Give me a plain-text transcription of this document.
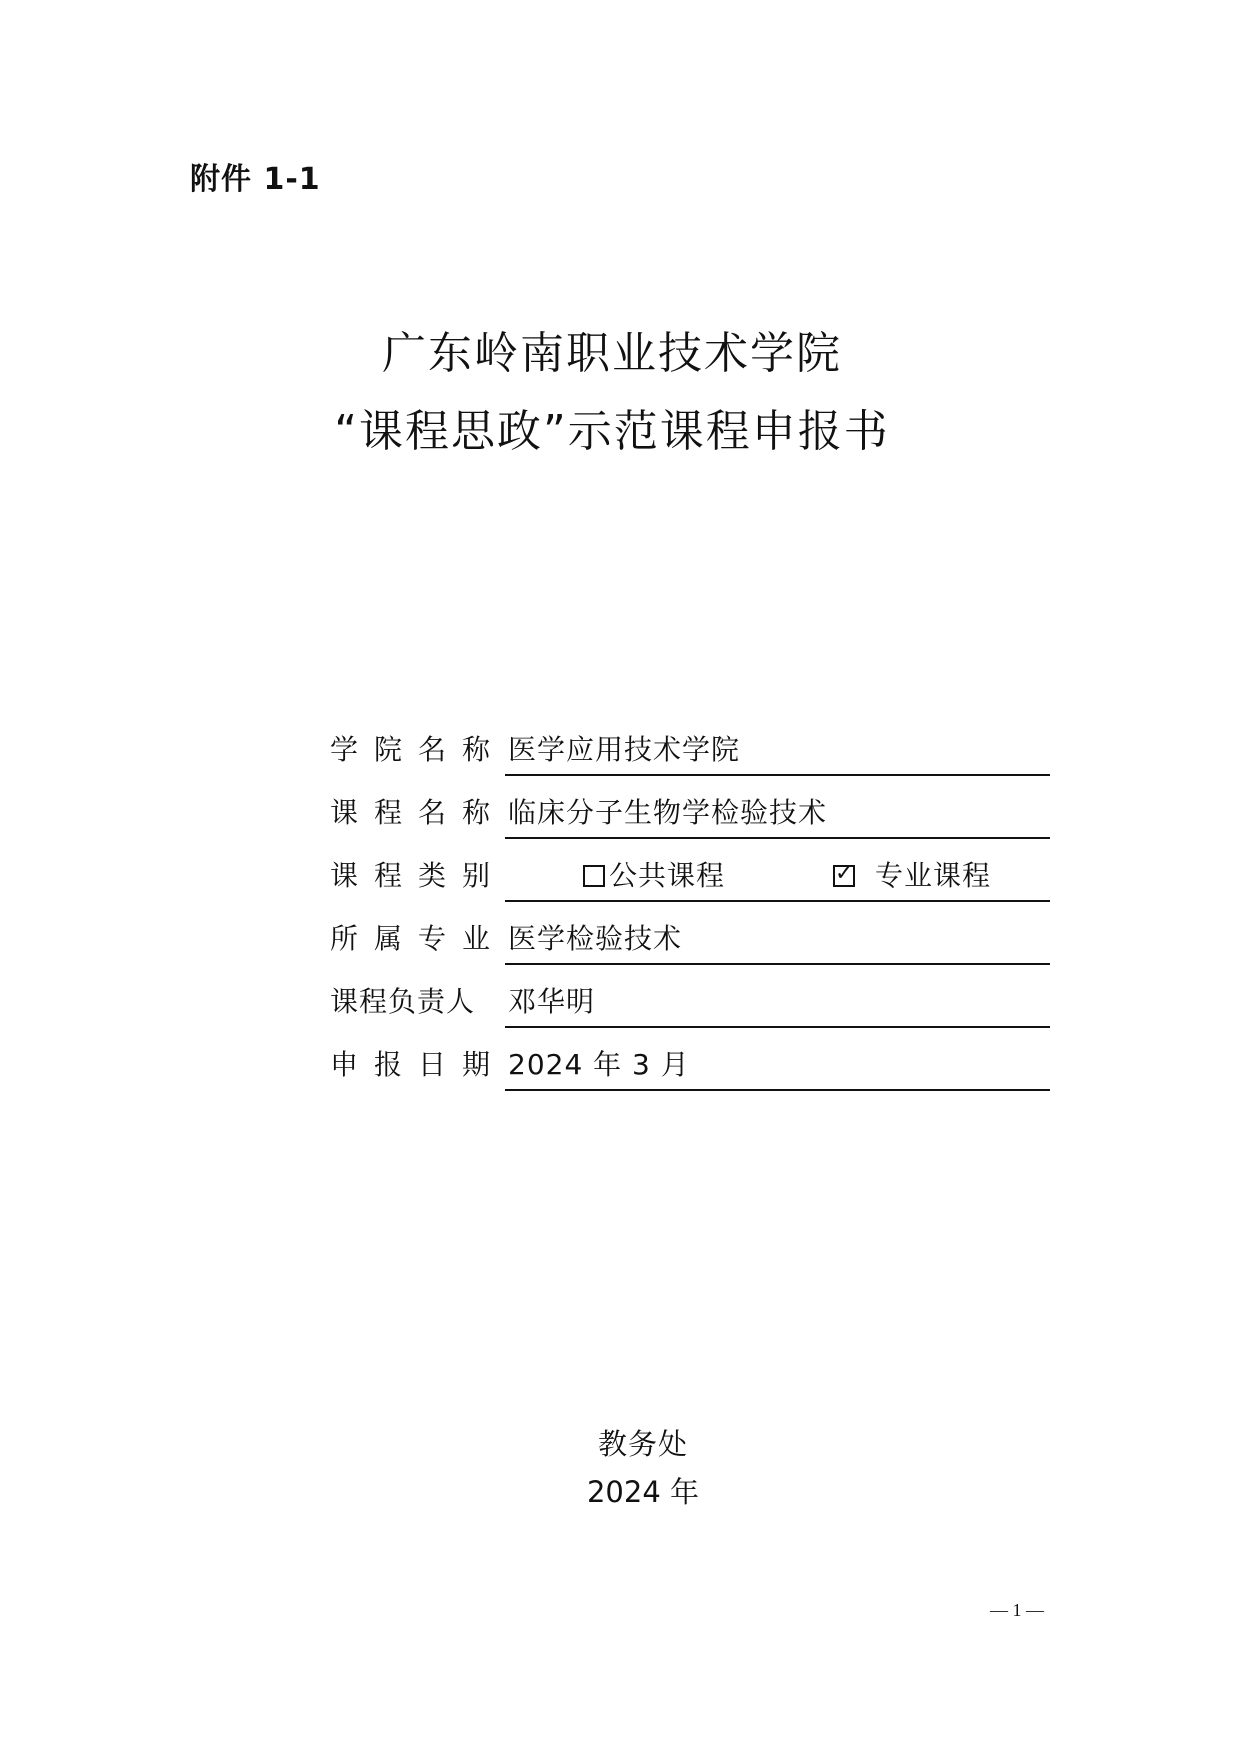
附件 1-1
广东岭南职业技术学院
“课程思政”示范课程申报书
学院名称 医学应用技术学院
课程名称 临床分子生物学检验技术
课程类别	公共课程	✓ 专业课程
所属专业 医学检验技术
课程负责人	邓华明
申报日期 2024 年 3 月
教务处
2024 年
— 1 —
